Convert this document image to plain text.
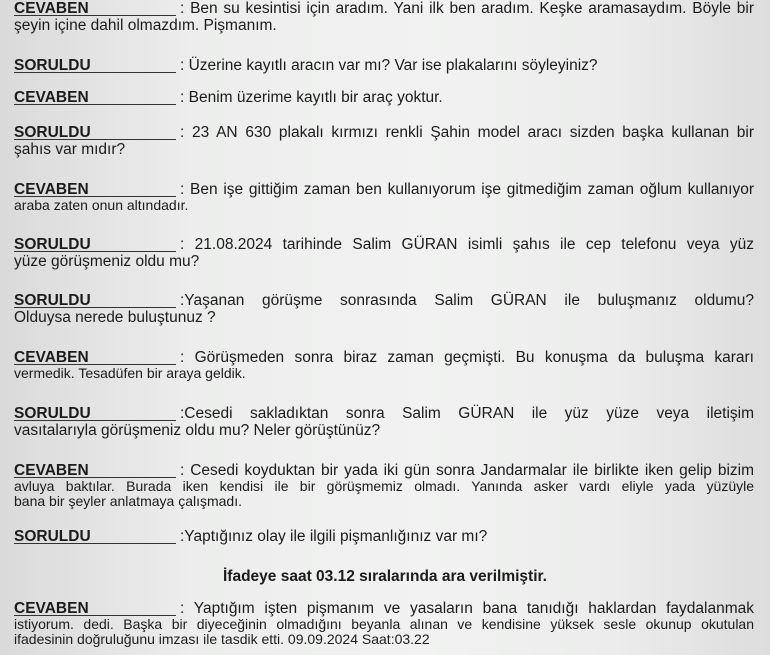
CEVABEN	: Ben su kesintisi için aradım. Yani ilk ben aradım. Keşke aramasaydım. Böyle bir
şeyin içine dahil olmazdım. Pişmanım.
SORULDU	: Üzerine kayıtlı aracın var mı? Var ise plakalarını söyleyiniz?
CEVABEN	: Benim üzerime kayıtlı bir araç yoktur.
SORULDU	: 23 AN 630 plakalı kırmızı renkli Şahin model aracı sizden başka kullanan bir
şahıs var mıdır?
CEVABEN	: Ben işe gittiğim zaman ben kullanıyorum işe gitmediğim zaman oğlum kullanıyor
araba zaten onun altındadır.
SORULDU	: 21.08.2024 tarihinde Salim GÜRAN isimli şahıs ile cep telefonu veya yüz
yüze görüşmeniz oldu mu?
SORULDU	:Yaşanan görüşme sonrasında Salim GÜRAN ile buluşmanız oldumu?
Olduysa nerede buluştunuz ?
CEVABEN	: Görüşmeden sonra biraz zaman geçmişti. Bu konuşma da buluşma kararı
vermedik. Tesadüfen bir araya geldik.
SORULDU	:Cesedi sakladıktan sonra Salim GÜRAN ile yüz yüze veya iletişim
vasıtalarıyla görüşmeniz oldu mu? Neler görüştünüz?
CEVABEN	: Cesedi koyduktan bir yada iki gün sonra Jandarmalar ile birlikte iken gelip bizim
avluya baktılar. Burada iken kendisi ile bir görüşmemiz olmadı. Yanında asker vardı eliyle yada yüzüyle
bana bir şeyler anlatmaya çalışmadı.
SORULDU	:Yaptığınız olay ile ilgili pişmanlığınız var mı?
İfadeye saat 03.12 sıralarında ara verilmiştir.
CEVABEN	: Yaptığım işten pişmanım ve yasaların bana tanıdığı haklardan faydalanmak
istiyorum. dedi. Başka bir diyeceğinin olmadığını beyanla alınan ve kendisine yüksek sesle okunup okutulan
ifadesinin doğruluğunu imzası ile tasdik etti. 09.09.2024 Saat:03.22
